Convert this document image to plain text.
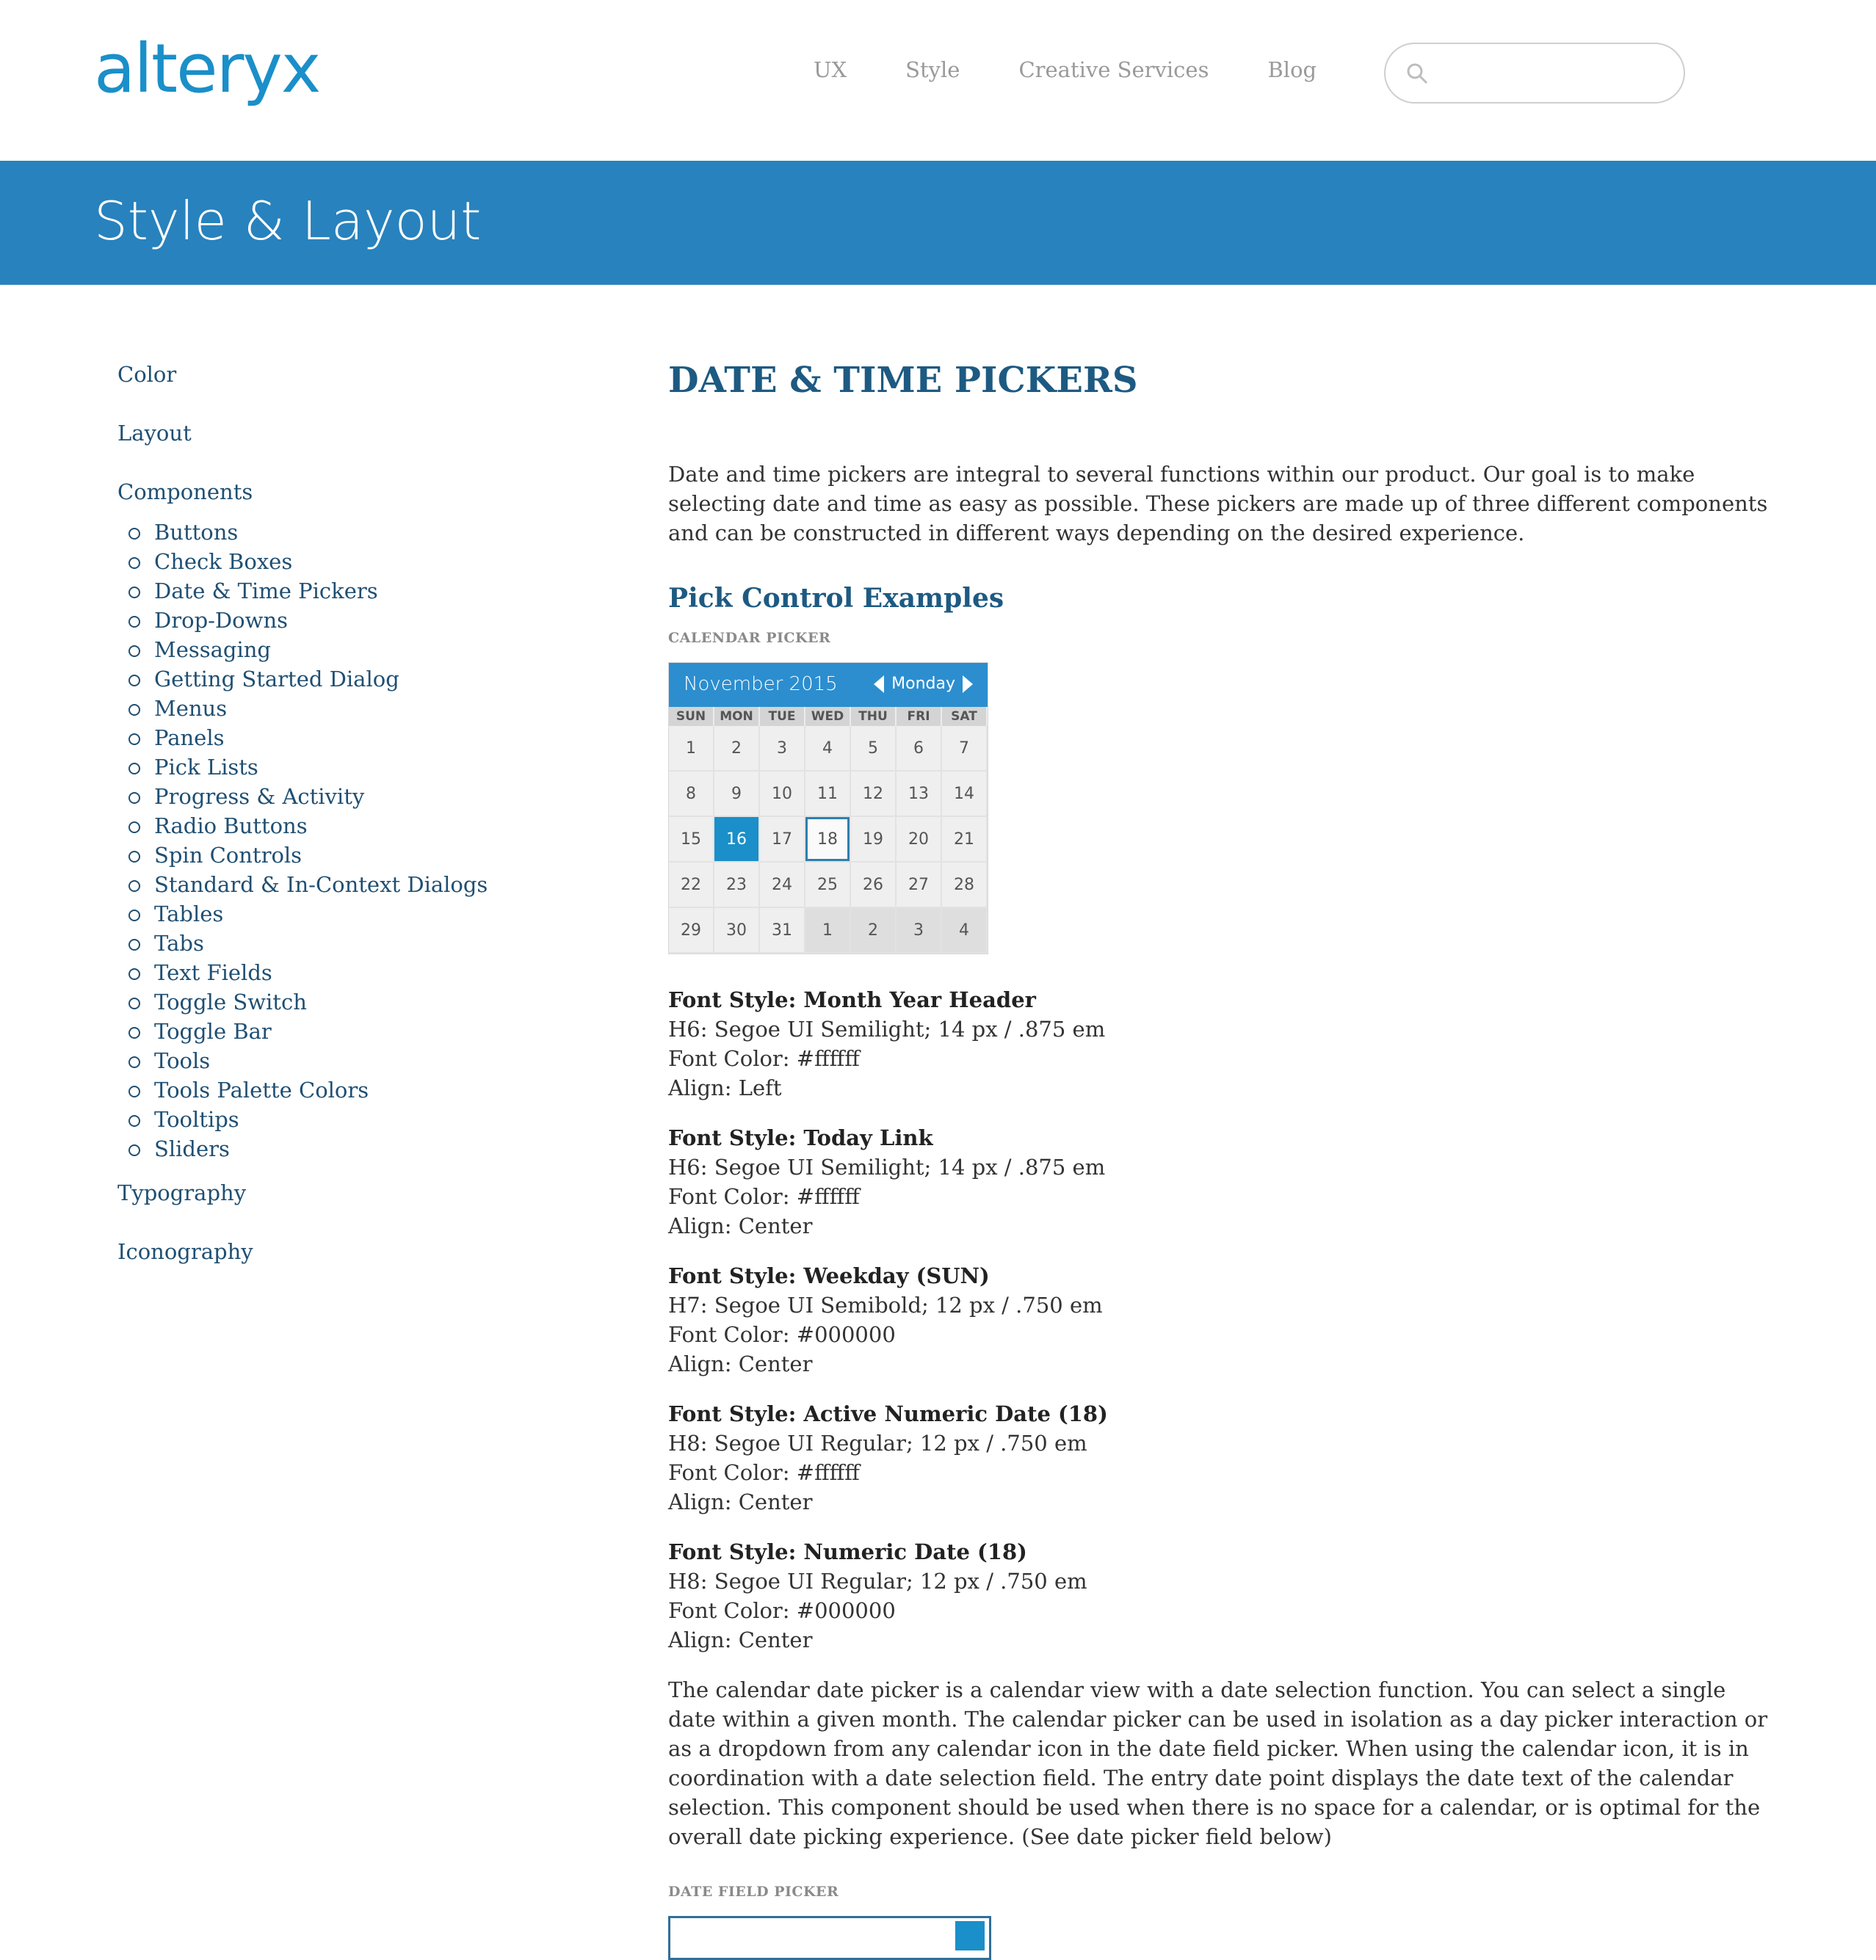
alteryx	UX	Style	Creative Services	Blog
Style & Layout
Color
Layout
Components
Buttons
Check Boxes
Date & Time Pickers
Drop-Downs
Messaging
Getting Started Dialog
Menus
Panels
Pick Lists
Progress & Activity
Radio Buttons
Spin Controls
Standard & In-Context Dialogs
Tables
Tabs
Text Fields
Toggle Switch
Toggle Bar
Tools
Tools Palette Colors
Tooltips
Sliders
Typography
Iconography
DATE & TIME PICKERS

Date and time pickers are integral to several functions within our product. Our goal is to make selecting date and time as easy as possible. These pickers are made up of three different components and can be constructed in different ways depending on the desired experience.

Pick Control Examples
CALENDAR PICKER
November 2015	Monday
SUN	MON	TUE	WED	THU	FRI	SAT
1	2	3	4	5	6	7
8	9	10	11	12	13	14
15	16	17	18	19	20	21
22	23	24	25	26	27	28
29	30	31	1	2	3	4
Font Style: Month Year Header
H6: Segoe UI Semilight; 14 px / .875 em
Font Color: #ffffff
Align: Left
Font Style: Today Link
H6: Segoe UI Semilight; 14 px / .875 em
Font Color: #ffffff
Align: Center
Font Style: Weekday (SUN)
H7: Segoe UI Semibold; 12 px / .750 em
Font Color: #000000
Align: Center
Font Style: Active Numeric Date (18)
H8: Segoe UI Regular; 12 px / .750 em
Font Color: #ffffff
Align: Center
Font Style: Numeric Date (18)
H8: Segoe UI Regular; 12 px / .750 em
Font Color: #000000
Align: Center

The calendar date picker is a calendar view with a date selection function. You can select a single date within a given month. The calendar picker can be used in isolation as a day picker interaction or as a dropdown from any calendar icon in the date field picker. When using the calendar icon, it is in coordination with a date selection field. The entry date point displays the date text of the calendar selection. This component should be used when there is no space for a calendar, or is optimal for the overall date picking experience. (See date picker field below)

DATE FIELD PICKER
